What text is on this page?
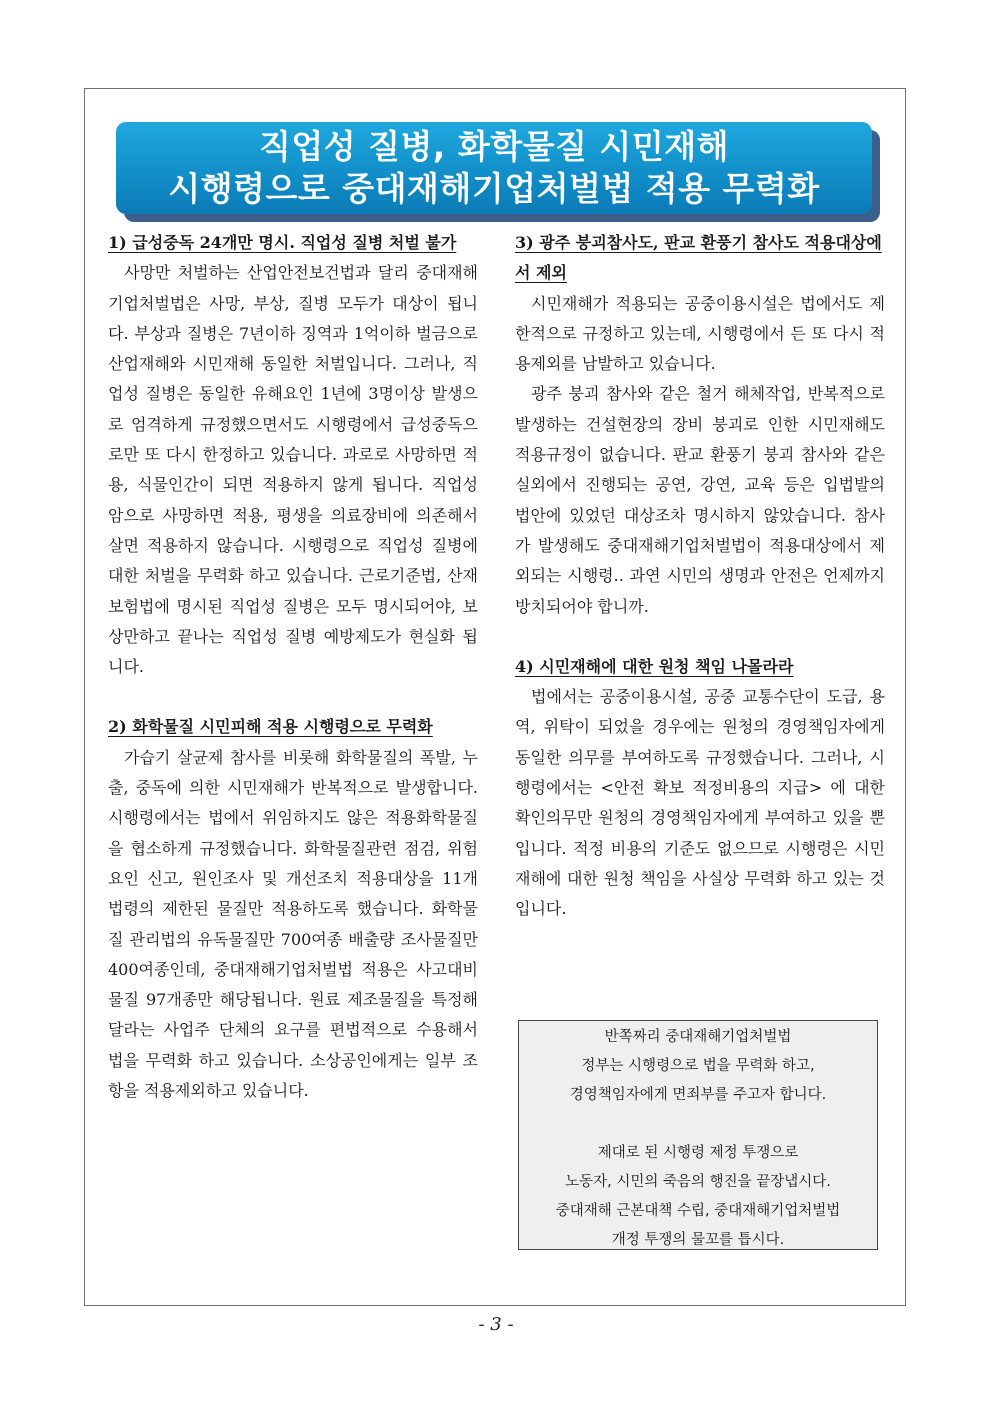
직업성 질병, 화학물질 시민재해
시행령으로 중대재해기업처벌법 적용 무력화
1) 급성중독 24개만 명시. 직업성 질병 처벌 불가

사망만 처벌하는 산업안전보건법과 달리 중대재해기업처벌법은 사망, 부상, 질병 모두가 대상이 됩니다. 부상과 질병은 7년이하 징역과 1억이하 벌금으로 산업재해와 시민재해 동일한 처벌입니다. 그러나, 직업성 질병은 동일한 유해요인 1년에 3명이상 발생으로 엄격하게 규정했으면서도 시행령에서 급성중독으로만 또 다시 한정하고 있습니다. 과로로 사망하면 적용, 식물인간이 되면 적용하지 않게 됩니다. 직업성 암으로 사망하면 적용, 평생을 의료장비에 의존해서 살면 적용하지 않습니다. 시행령으로 직업성 질병에 대한 처벌을 무력화 하고 있습니다. 근로기준법, 산재보험법에 명시된 직업성 질병은 모두 명시되어야, 보상만하고 끝나는 직업성 질병 예방제도가 현실화 됩니다.

2) 화학물질 시민피해 적용 시행령으로 무력화

가습기 살균제 참사를 비롯해 화학물질의 폭발, 누출, 중독에 의한 시민재해가 반복적으로 발생합니다. 시행령에서는 법에서 위임하지도 않은 적용화학물질을 협소하게 규정했습니다. 화학물질관련 점검, 위험요인 신고, 원인조사 및 개선조치 적용대상을 11개 법령의 제한된 물질만 적용하도록 했습니다. 화학물질 관리법의 유독물질만 700여종 배출량 조사물질만 400여종인데, 중대재해기업처벌법 적용은 사고대비물질 97개종만 해당됩니다. 원료 제조물질을 특정해 달라는 사업주 단체의 요구를 편법적으로 수용해서 법을 무력화 하고 있습니다. 소상공인에게는 일부 조항을 적용제외하고 있습니다.

3) 광주 붕괴참사도, 판교 환풍기 참사도 적용대상에서 제외

시민재해가 적용되는 공중이용시설은 법에서도 제한적으로 규정하고 있는데, 시행령에서 든 또 다시 적용제외를 남발하고 있습니다.

광주 붕괴 참사와 같은 철거 해체작업, 반복적으로 발생하는 건설현장의 장비 붕괴로 인한 시민재해도 적용규정이 없습니다. 판교 환풍기 붕괴 참사와 같은 실외에서 진행되는 공연, 강연, 교육 등은 입법발의 법안에 있었던 대상조차 명시하지 않았습니다. 참사가 발생해도 중대재해기업처벌법이 적용대상에서 제외되는 시행령.. 과연 시민의 생명과 안전은 언제까지 방치되어야 합니까.

4) 시민재해에 대한 원청 책임 나몰라라

법에서는 공중이용시설, 공중 교통수단이 도급, 용역, 위탁이 되었을 경우에는 원청의 경영책임자에게 동일한 의무를 부여하도록 규정했습니다. 그러나, 시행령에서는 <안전 확보 적정비용의 지급> 에 대한 확인의무만 원청의 경영책임자에게 부여하고 있을 뿐입니다. 적정 비용의 기준도 없으므로 시행령은 시민재해에 대한 원청 책임을 사실상 무력화 하고 있는 것입니다.

반쪽짜리 중대재해기업처벌법
정부는 시행령으로 법을 무력화 하고,
경영책임자에게 면죄부를 주고자 합니다.
제대로 된 시행령 제정 투쟁으로
노동자, 시민의 죽음의 행진을 끝장냅시다.
중대재해 근본대책 수립, 중대재해기업처벌법
개정 투쟁의 물꼬를 틉시다.
- 3 -
